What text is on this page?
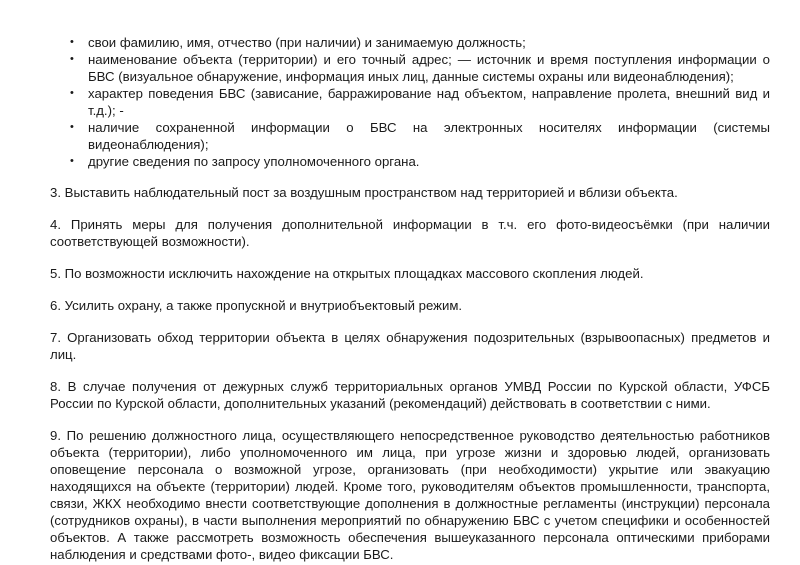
• свои фамилию, имя, отчество (при наличии) и занимаемую должность;
• наименование объекта (территории) и его точный адрес; — источник и время поступления информации о БВС (визуальное обнаружение, информация иных лиц, данные системы охраны или видеонаблюдения);
• характер поведения БВС (зависание, барражирование над объектом, направление пролета, внешний вид и т.д.); -
• наличие сохраненной информации о БВС на электронных носителях информации (системы видеонаблюдения);
• другие сведения по запросу уполномоченного органа.

3. Выставить наблюдательный пост за воздушным пространством над территорией и вблизи объекта.

4. Принять меры для получения дополнительной информации в т.ч. его фото-видеосъёмки (при наличии соответствующей возможности).

5. По возможности исключить нахождение на открытых площадках массового скопления людей.

6. Усилить охрану, а также пропускной и внутриобъектовый режим.

7. Организовать обход территории объекта в целях обнаружения подозрительных (взрывоопасных) предметов и лиц.

8. В случае получения от дежурных служб территориальных органов УМВД России по Курской области, УФСБ России по Курской области, дополнительных указаний (рекомендаций) действовать в соответствии с ними.

9. По решению должностного лица, осуществляющего непосредственное руководство деятельностью работников объекта (территории), либо уполномоченного им лица, при угрозе жизни и здоровью людей, организовать оповещение персонала о возможной угрозе, организовать (при необходимости) укрытие или эвакуацию находящихся на объекте (территории) людей. Кроме того, руководителям объектов промышленности, транспорта, связи, ЖКХ необходимо внести соответствующие дополнения в должностные регламенты (инструкции) персонала (сотрудников охраны), в части выполнения мероприятий по обнаружению БВС с учетом специфики и особенностей объектов. А также рассмотреть возможность обеспечения вышеуказанного персонала оптическими приборами наблюдения и средствами фото-, видео фиксации БВС.
